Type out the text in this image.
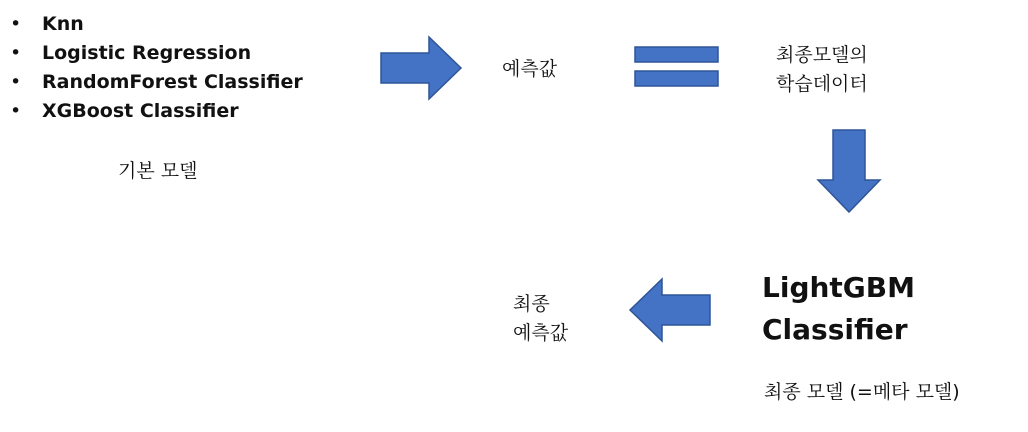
• Knn
• Logistic Regression
• RandomForest Classifier
• XGBoost Classifier
기본 모델
예측값
최종모델의
학습데이터
LightGBM
Classifier
최종 모델 (=메타 모델)
최종
예측값
